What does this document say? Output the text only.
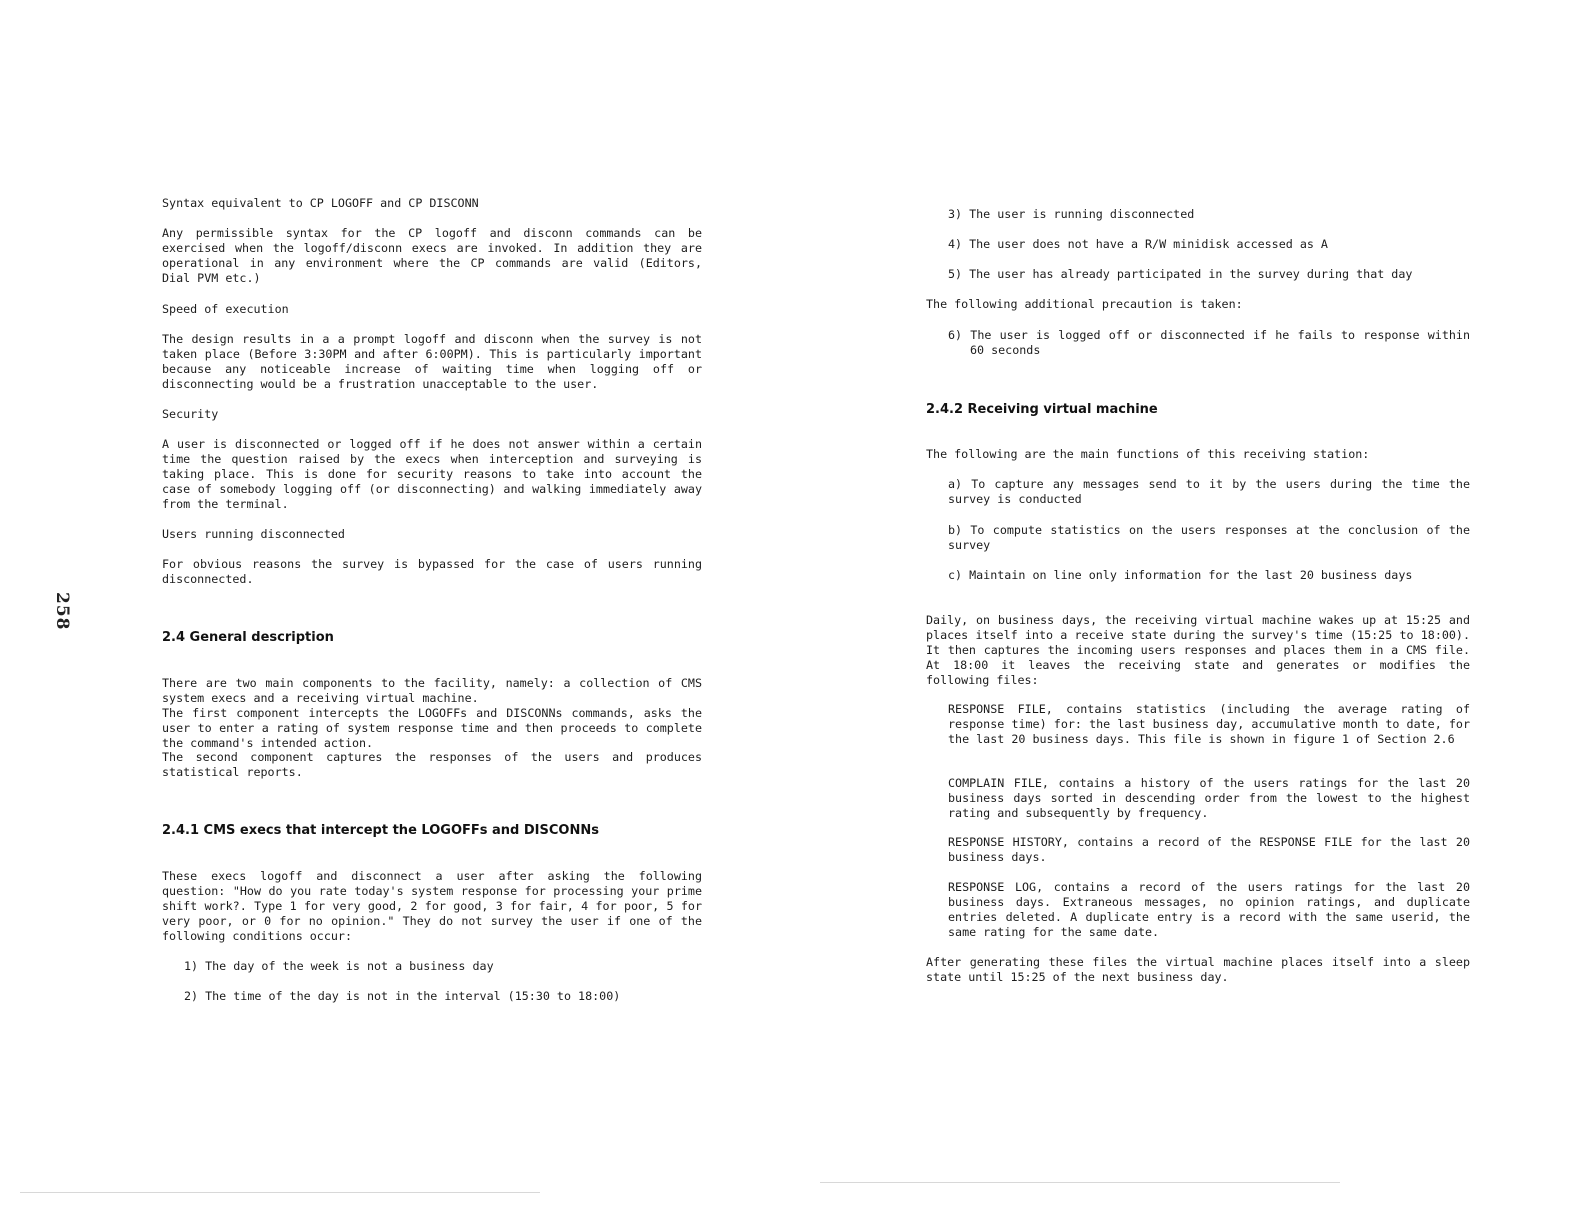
258

Syntax equivalent to CP LOGOFF and CP DISCONN

Any permissible syntax for the CP logoff and disconn commands can be exercised when the logoff/disconn execs are invoked. In addition they are operational in any environment where the CP commands are valid (Editors, Dial PVM etc.)

Speed of execution

The design results in a a prompt logoff and disconn when the survey is not taken place (Before 3:30PM and after 6:00PM). This is particularly important because any noticeable increase of waiting time when logging off or disconnecting would be a frustration unacceptable to the user.

Security

A user is disconnected or logged off if he does not answer within a certain time the question raised by the execs when interception and surveying is taking place. This is done for security reasons to take into account the case of somebody logging off (or disconnecting) and walking immediately away from the terminal.

Users running disconnected

For obvious reasons the survey is bypassed for the case of users running disconnected.

2.4 General description

There are two main components to the facility, namely: a collection of CMS system execs and a receiving virtual machine.

The first component intercepts the LOGOFFs and DISCONNs commands, asks the user to enter a rating of system response time and then proceeds to complete the command's intended action.

The second component captures the responses of the users and produces statistical reports.

2.4.1 CMS execs that intercept the LOGOFFs and DISCONNs

These execs logoff and disconnect a user after asking the following question: "How do you rate today's system response for processing your prime shift work?. Type 1 for very good, 2 for good, 3 for fair, 4 for poor, 5 for very poor, or 0 for no opinion." They do not survey the user if one of the following conditions occur:

1) The day of the week is not a business day

2) The time of the day is not in the interval (15:30 to 18:00)

3) The user is running disconnected

4) The user does not have a R/W minidisk accessed as A

5) The user has already participated in the survey during that day

The following additional precaution is taken:

6) The user is logged off or disconnected if he fails to response within 60 seconds

2.4.2 Receiving virtual machine

The following are the main functions of this receiving station:

a) To capture any messages send to it by the users during the time the survey is conducted

b) To compute statistics on the users responses at the conclusion of the survey

c) Maintain on line only information for the last 20 business days

Daily, on business days, the receiving virtual machine wakes up at 15:25 and places itself into a receive state during the survey's time (15:25 to 18:00). It then captures the incoming users responses and places them in a CMS file. At 18:00 it leaves the receiving state and generates or modifies the following files:

RESPONSE FILE, contains statistics (including the average rating of response time) for: the last business day, accumulative month to date, for the last 20 business days. This file is shown in figure 1 of Section 2.6

COMPLAIN FILE, contains a history of the users ratings for the last 20 business days sorted in descending order from the lowest to the highest rating and subsequently by frequency.

RESPONSE HISTORY, contains a record of the RESPONSE FILE for the last 20 business days.

RESPONSE LOG, contains a record of the users ratings for the last 20 business days. Extraneous messages, no opinion ratings, and duplicate entries deleted. A duplicate entry is a record with the same userid, the same rating for the same date.

After generating these files the virtual machine places itself into a sleep state until 15:25 of the next business day.
